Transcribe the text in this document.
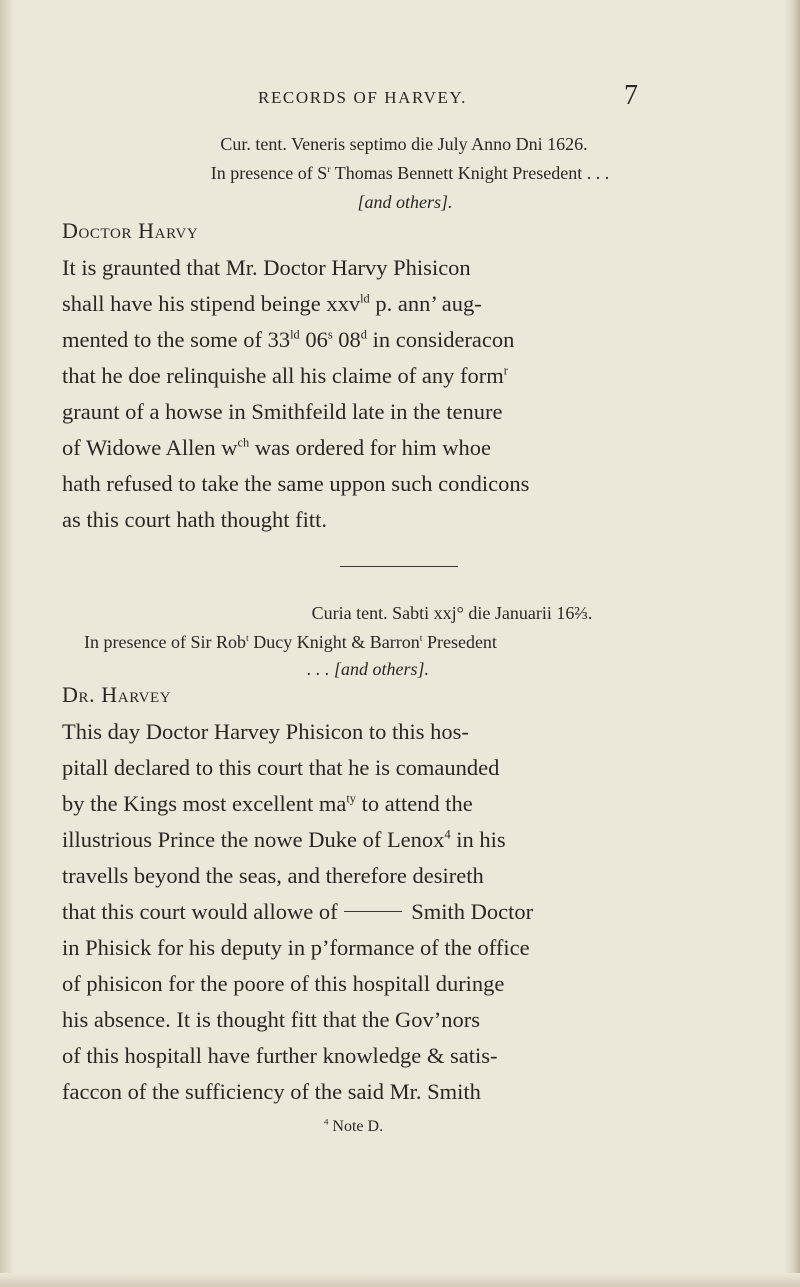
RECORDS OF HARVEY.	7
Cur. tent. Veneris septimo die July Anno Dni 1626.
In presence of $S^r$ Thomas Bennett Knight Presedent . . .
[and others].
Doctor Harvy
It is graunted that Mr. Doctor Harvy Phisicon
shall have his stipend beinge xxv$^{ld}$ p. ann’ aug-
mented to the some of $33^{ld}$ 06$^s$ 08$^d$ in consideracon
that he doe relinquishe all his claime of any form$^r$
graunt of a howse in Smithfeild late in the tenure
of Widowe Allen $w^{ch}$ was ordered for him whoe
hath refused to take the same uppon such condicons
as this court hath thought fitt.
Curia tent. Sabti xxj° die Januarii 16⅔.
In presence of Sir Rob$^t$ Ducy Knight & Barron$^t$ Presedent
. . . [and others].
Dr. Harvey
This day Doctor Harvey Phisicon to this hos-
pitall declared to this court that he is comaunded
by the Kings most excellent $ma^{ty}$ to attend the
illustrious Prince the nowe Duke of Lenox$^4$ in his
travells beyond the seas, and therefore desireth
that this court would allowe of	Smith Doctor
in Phisick for his deputy in p’formance of the office
of phisicon for the poore of this hospitall duringe
his absence. It is thought fitt that the Gov’nors
of this hospitall have further knowledge & satis-
faccon of the sufficiency of the said Mr. Smith
$^4$ Note D.
